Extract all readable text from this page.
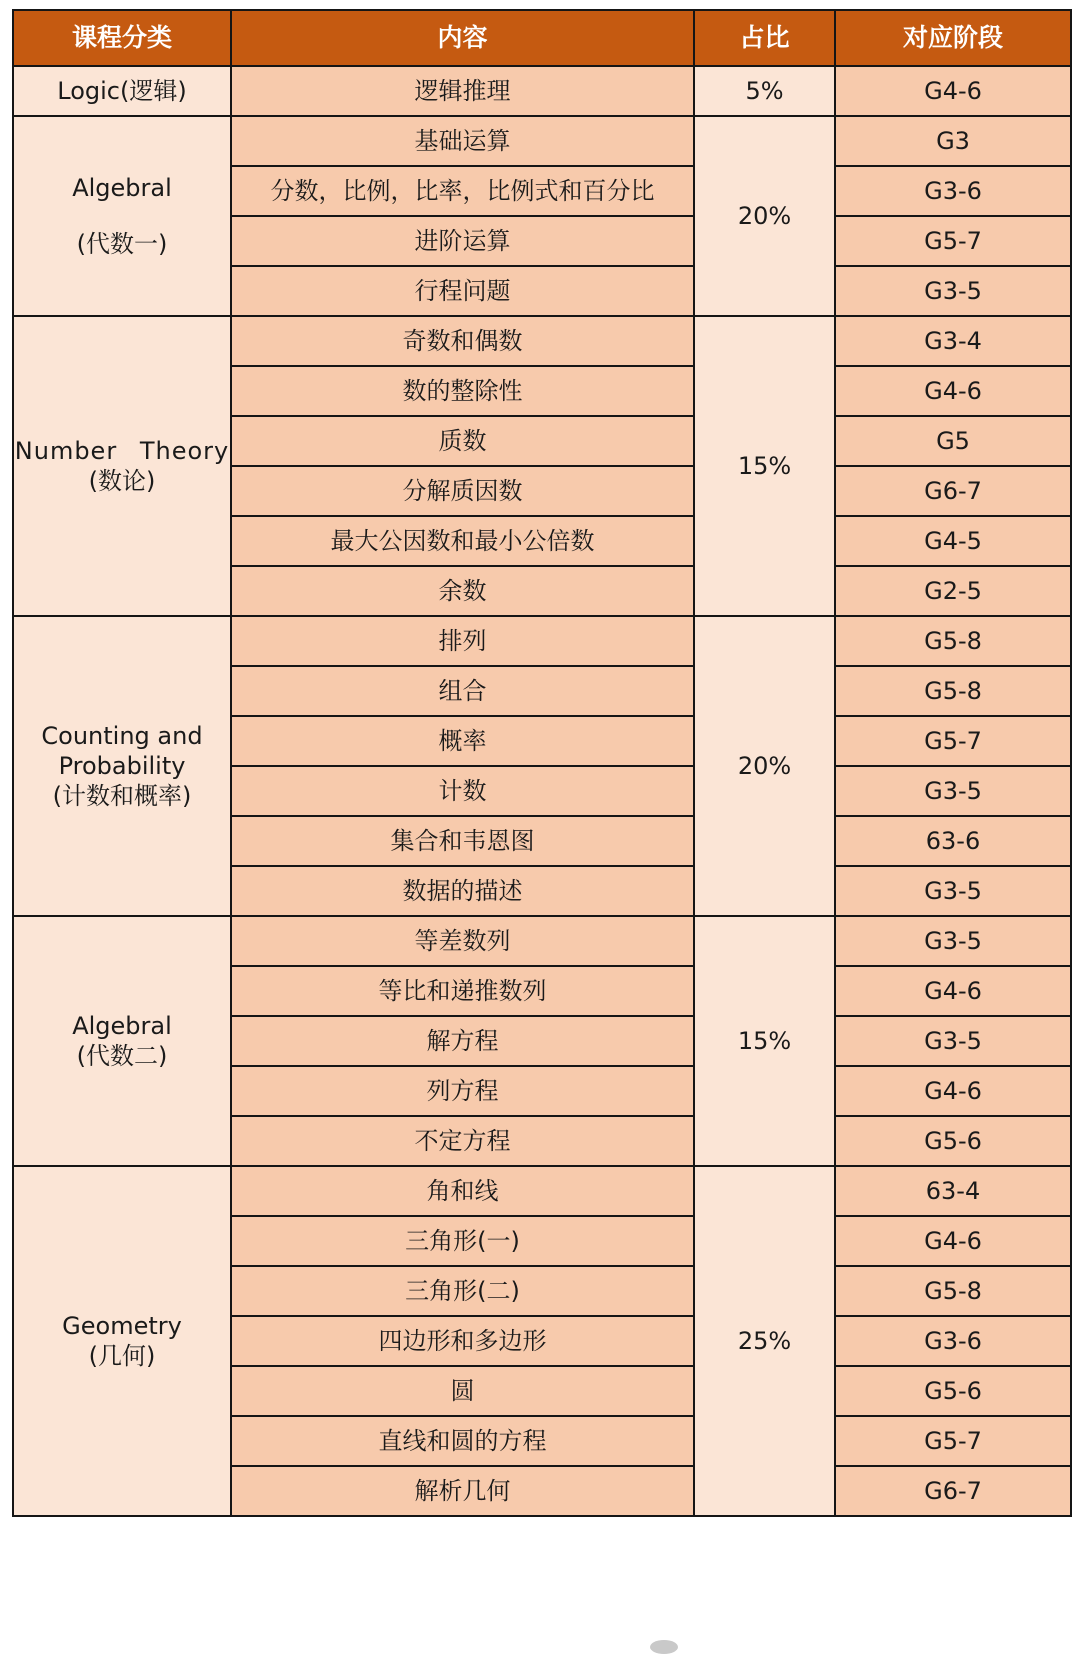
课程分类	内容	占比	对应阶段

Logic(逻辑)	逻辑推理	5%	G4-6

Algebral
(代数一)	基础运算	20%	G3
	分数，比例，比率，比例式和百分比		G3-6
	进阶运算		G5-7
	行程问题		G3-5

Number Theory
(数论)	奇数和偶数	15%	G3-4
	数的整除性		G4-6
	质数		G5
	分解质因数		G6-7
	最大公因数和最小公倍数		G4-5
	余数		G2-5

Counting and
Probability
(计数和概率)	排列	20%	G5-8
	组合		G5-8
	概率		G5-7
	计数		G3-5
	集合和韦恩图		63-6
	数据的描述		G3-5

Algebral
(代数二)	等差数列	15%	G3-5
	等比和递推数列		G4-6
	解方程		G3-5
	列方程		G4-6
	不定方程		G5-6

Geometry
(几何)	角和线	25%	63-4
	三角形(一)		G4-6
	三角形(二)		G5-8
	四边形和多边形		G3-6
	圆		G5-6
	直线和圆的方程		G5-7
	解析几何		G6-7
